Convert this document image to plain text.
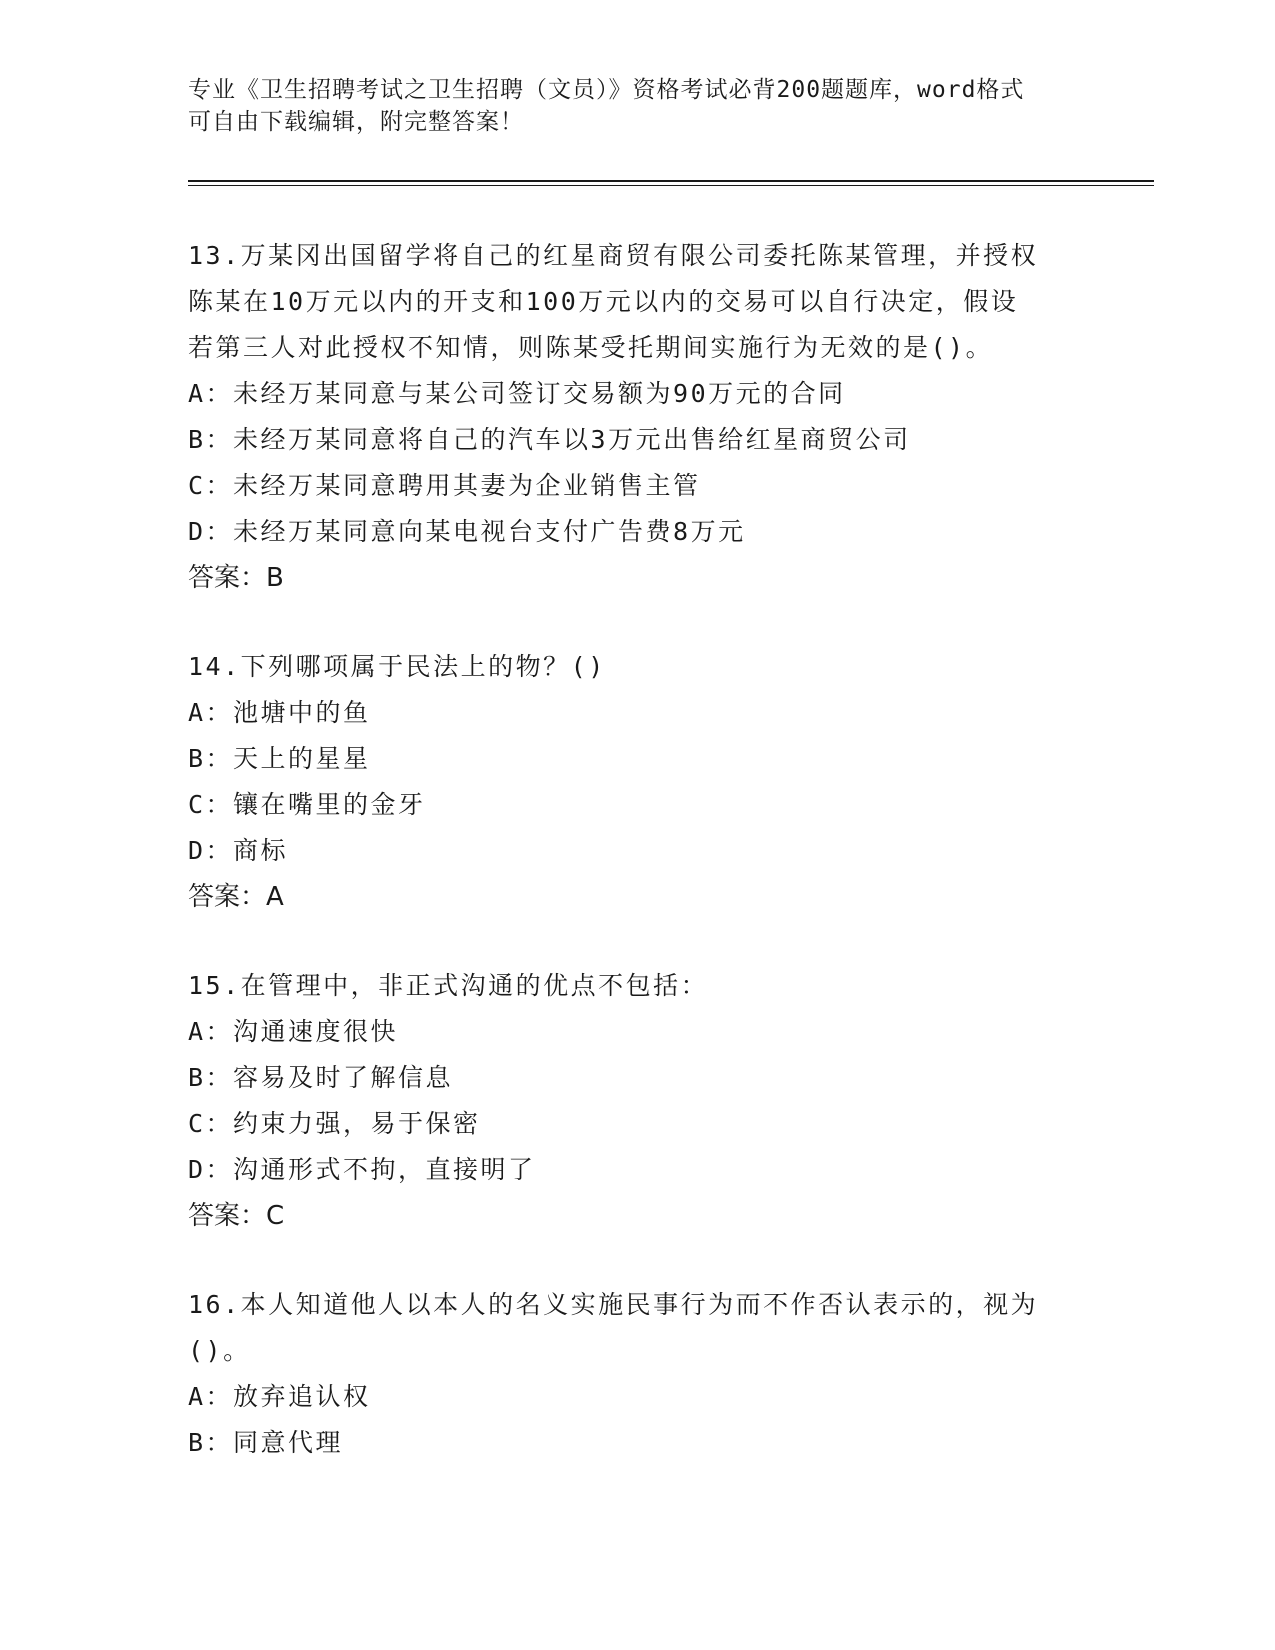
专业《卫生招聘考试之卫生招聘（文员）》资格考试必背200题题库，word格式
可自由下载编辑，附完整答案！
13.万某冈出国留学将自己的红星商贸有限公司委托陈某管理，并授权
陈某在10万元以内的开支和100万元以内的交易可以自行决定，假设
若第三人对此授权不知情，则陈某受托期间实施行为无效的是()。
A：未经万某同意与某公司签订交易额为90万元的合同
B：未经万某同意将自己的汽车以3万元出售给红星商贸公司
C：未经万某同意聘用其妻为企业销售主管
D：未经万某同意向某电视台支付广告费8万元
答案：B
14.下列哪项属于民法上的物？()
A：池塘中的鱼
B：天上的星星
C：镶在嘴里的金牙
D：商标
答案：A
15.在管理中，非正式沟通的优点不包括：
A：沟通速度很快
B：容易及时了解信息
C：约束力强，易于保密
D：沟通形式不拘，直接明了
答案：C
16.本人知道他人以本人的名义实施民事行为而不作否认表示的，视为
()。
A：放弃追认权
B：同意代理
